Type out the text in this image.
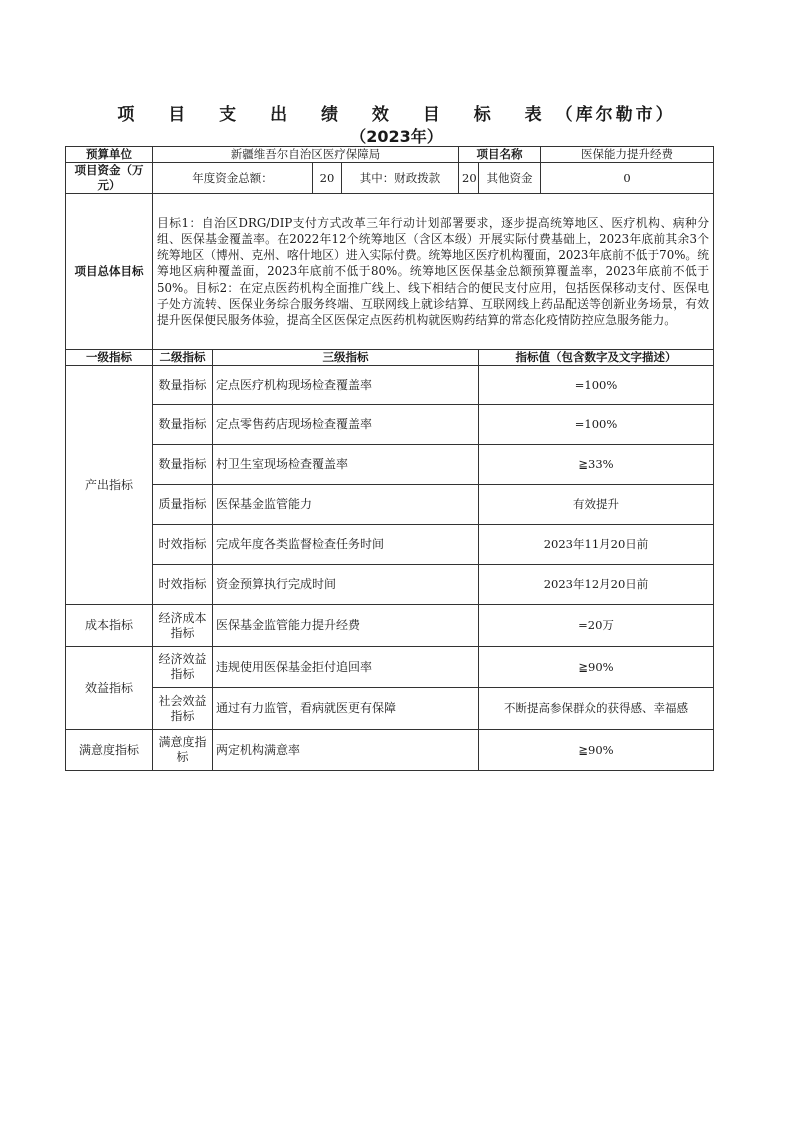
项 目 支 出 绩 效 目 标 表（库尔勒市）
（2023年）
预算单位	新疆维吾尔自治区医疗保障局				项目名称		医保能力提升经费
项目资金（万元）	年度资金总额：		20	其中：财政拨款	20	其他资金	0
项目总体目标	目标1：自治区DRG/DIP支付方式改革三年行动计划部署要求，逐步提高统筹地区、医疗机构、病种分组、医保基金覆盖率。在2022年12个统筹地区（含区本级）开展实际付费基础上，2023年底前其余3个统筹地区（博州、克州、喀什地区）进入实际付费。统筹地区医疗机构覆面，2023年底前不低于70%。统筹地区病种覆盖面，2023年底前不低于80%。统筹地区医保基金总额预算覆盖率，2023年底前不低于50%。目标2：在定点医药机构全面推广线上、线下相结合的便民支付应用，包括医保移动支付、医保电子处方流转、医保业务综合服务终端、互联网线上就诊结算、互联网线上药品配送等创新业务场景，有效提升医保便民服务体验，提高全区医保定点医药机构就医购药结算的常态化疫情防控应急服务能力。						
一级指标	二级指标	三级指标				指标值（包含数字及文字描述）	
产出指标	数量指标	定点医疗机构现场检查覆盖率				=100%	
	数量指标	定点零售药店现场检查覆盖率				=100%	
	数量指标	村卫生室现场检查覆盖率				≧33%	
	质量指标	医保基金监管能力				有效提升	
	时效指标	完成年度各类监督检查任务时间				2023年11月20日前	
	时效指标	资金预算执行完成时间				2023年12月20日前	
成本指标	经济成本指标	医保基金监管能力提升经费				=20万	
效益指标	经济效益指标	违规使用医保基金拒付追回率				≧90%	
	社会效益指标	通过有力监管，看病就医更有保障				不断提高参保群众的获得感、幸福感	
满意度指标	满意度指标	两定机构满意率				≧90%	
